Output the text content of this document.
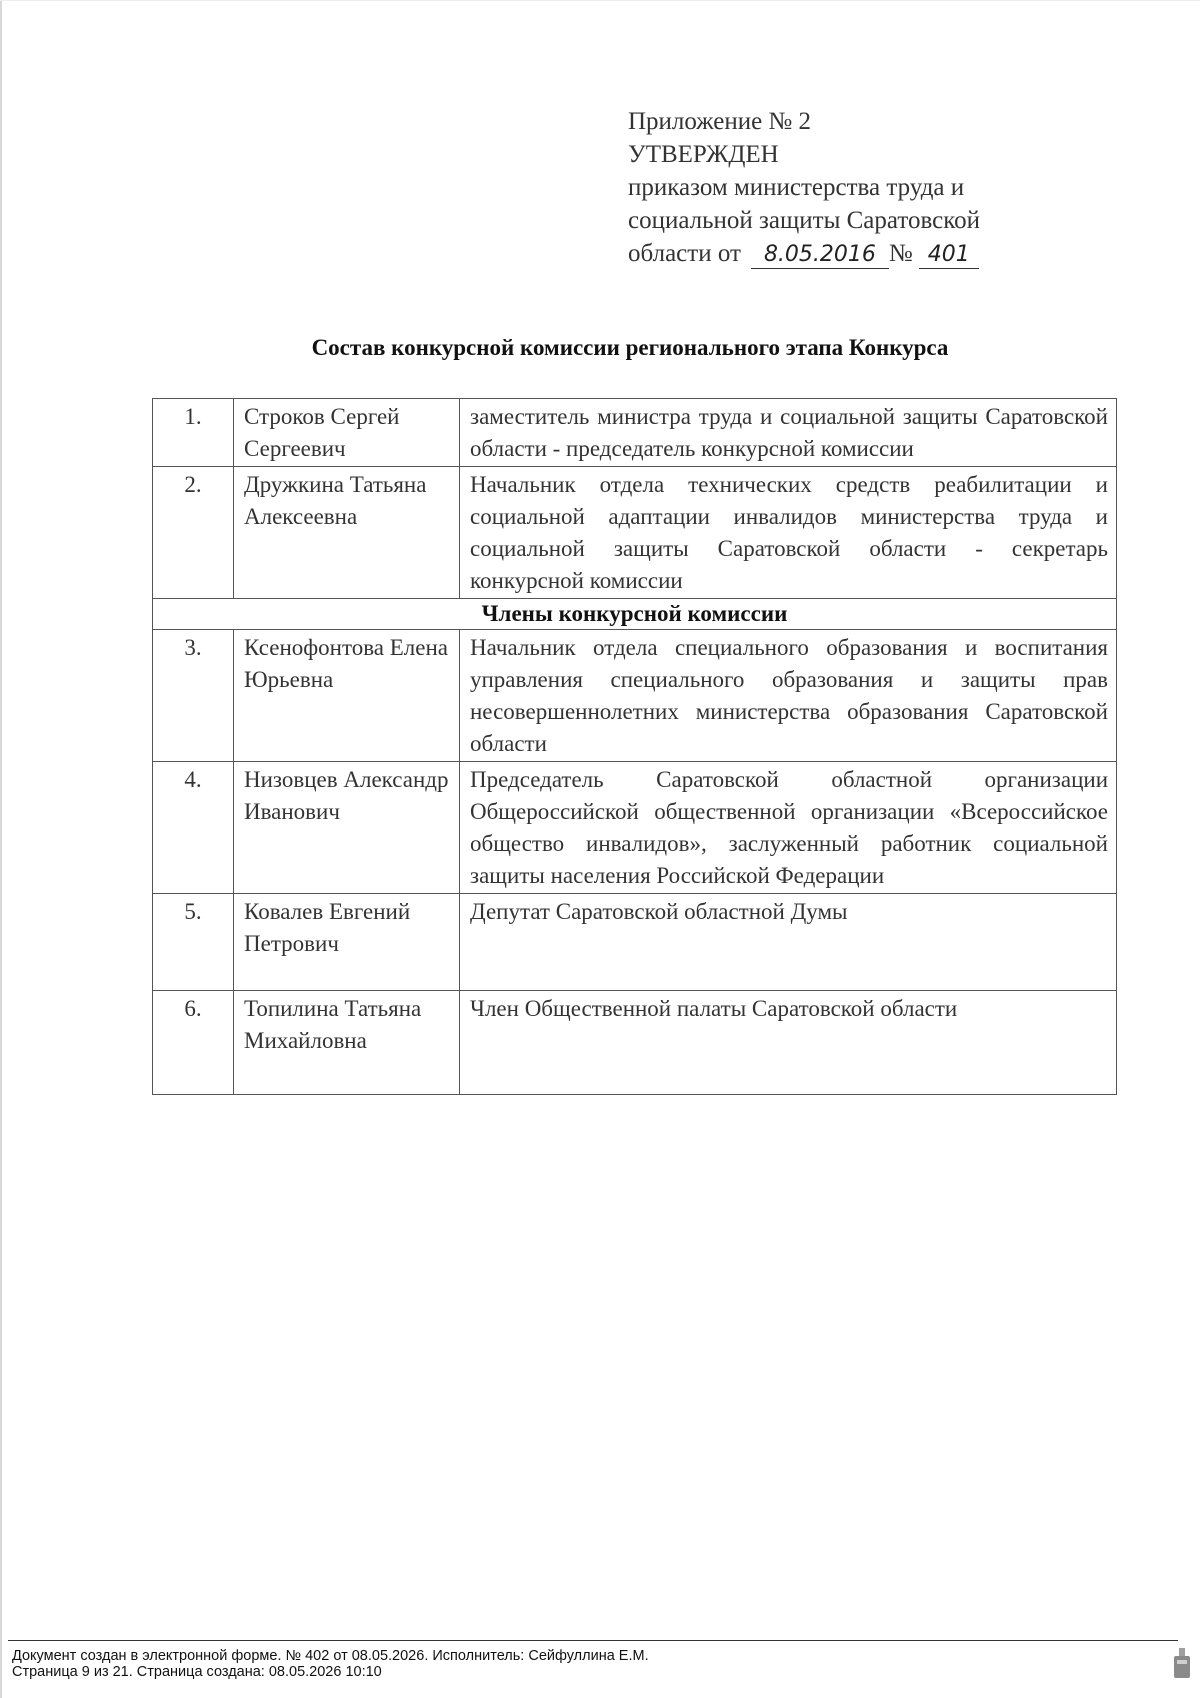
Приложение № 2
УТВЕРЖДЕН
приказом министерства труда и
социальной защиты Саратовской
области от 8.05.2016 № 401
Состав конкурсной комиссии регионального этапа Конкурса
1.	Строков Сергей Сергеевич	заместитель министра труда и социальной защиты Саратовской области - председатель конкурсной комиссии
2.	Дружкина Татьяна Алексеевна	Начальник отдела технических средств реабилитации и социальной адаптации инвалидов министерства труда и социальной защиты Саратовской области - секретарь конкурсной комиссии
Члены конкурсной комиссии		
3.	Ксенофонтова Елена Юрьевна	Начальник отдела специального образования и воспитания управления специального образования и защиты прав несовершеннолетних министерства образования Саратовской области
4.	Низовцев Александр Иванович	Председатель Саратовской областной организации Общероссийской общественной организации «Всероссийское общество инвалидов», заслуженный работник социальной защиты населения Российской Федерации
5.	Ковалев Евгений Петрович	Депутат Саратовской областной Думы
6.	Топилина Татьяна Михайловна	Член Общественной палаты Саратовской области
Документ создан в электронной форме. № 402 от 08.05.2026. Исполнитель: Сейфуллина Е.М.
Страница 9 из 21. Страница создана: 08.05.2026 10:10
